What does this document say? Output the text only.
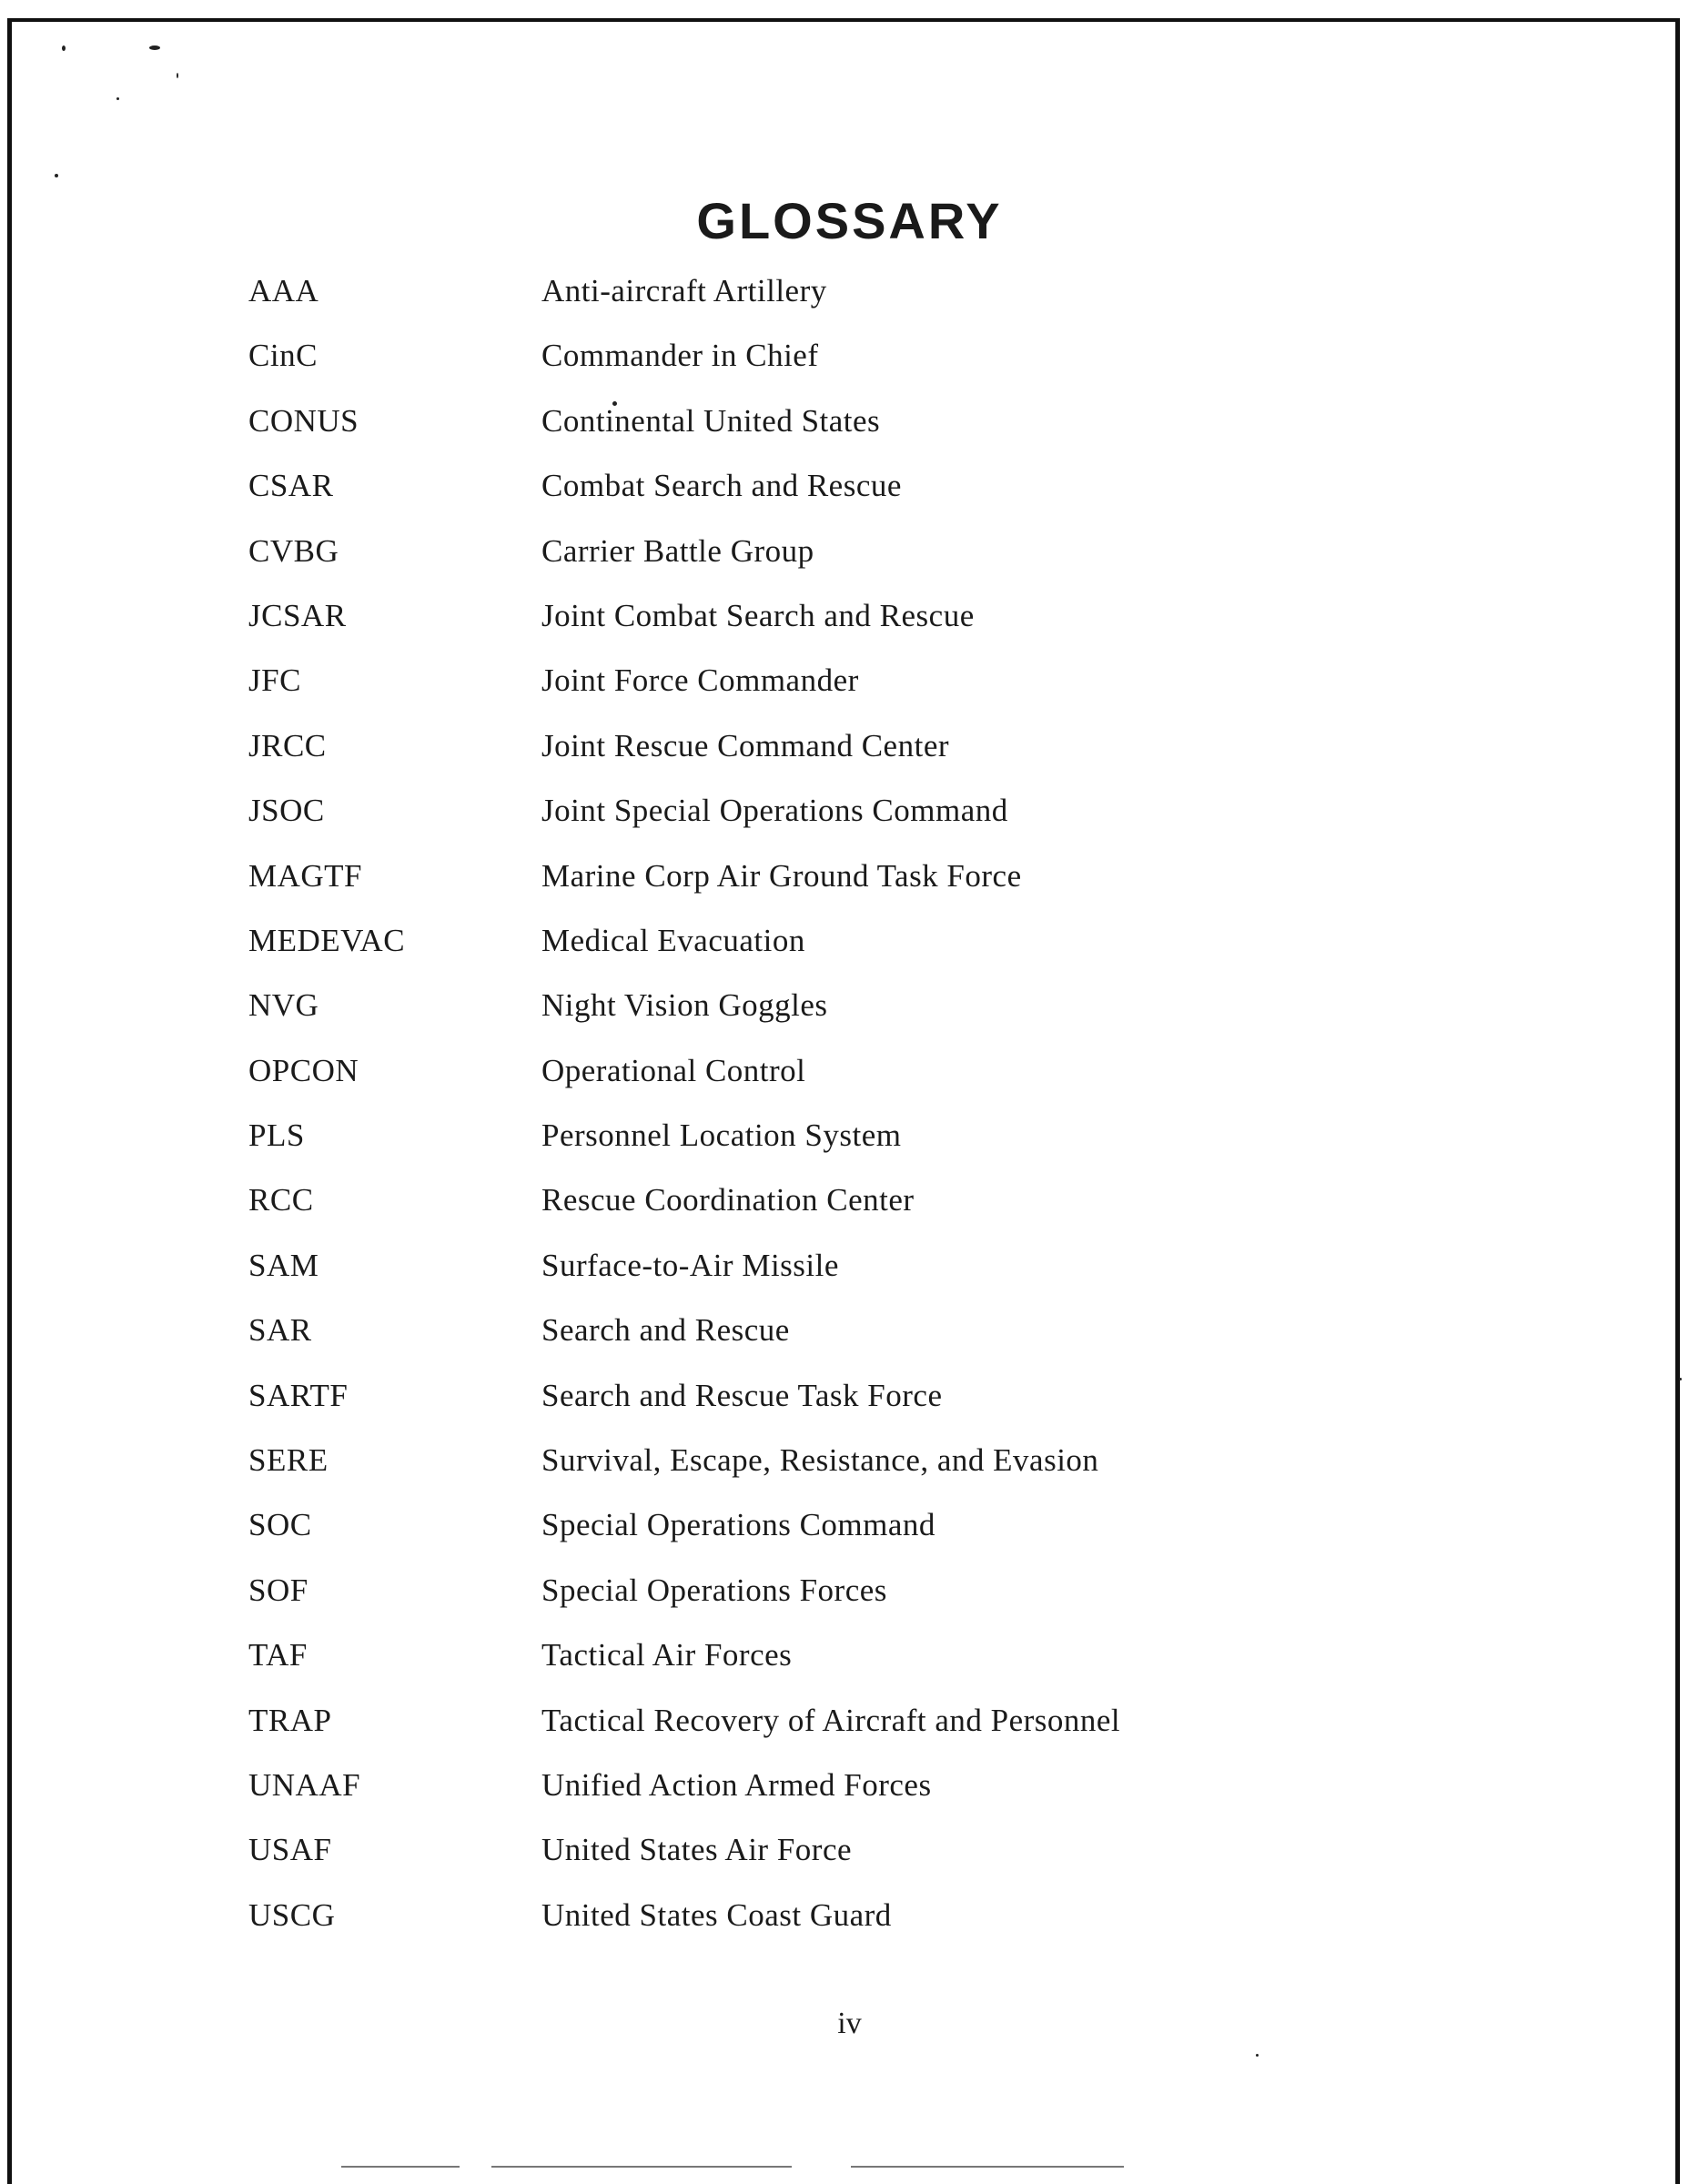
GLOSSARY
AAA	Anti-aircraft Artillery
CinC	Commander in Chief
CONUS	Continental United States
CSAR	Combat Search and Rescue
CVBG	Carrier Battle Group
JCSAR	Joint Combat Search and Rescue
JFC	Joint Force Commander
JRCC	Joint Rescue Command Center
JSOC	Joint Special Operations Command
MAGTF	Marine Corp Air Ground Task Force
MEDEVAC	Medical Evacuation
NVG	Night Vision Goggles
OPCON	Operational Control
PLS	Personnel Location System
RCC	Rescue Coordination Center
SAM	Surface-to-Air Missile
SAR	Search and Rescue
SARTF	Search and Rescue Task Force
SERE	Survival, Escape, Resistance, and Evasion
SOC	Special Operations Command
SOF	Special Operations Forces
TAF	Tactical Air Forces
TRAP	Tactical Recovery of Aircraft and Personnel
UNAAF	Unified Action Armed Forces
USAF	United States Air Force
USCG	United States Coast Guard
iv
